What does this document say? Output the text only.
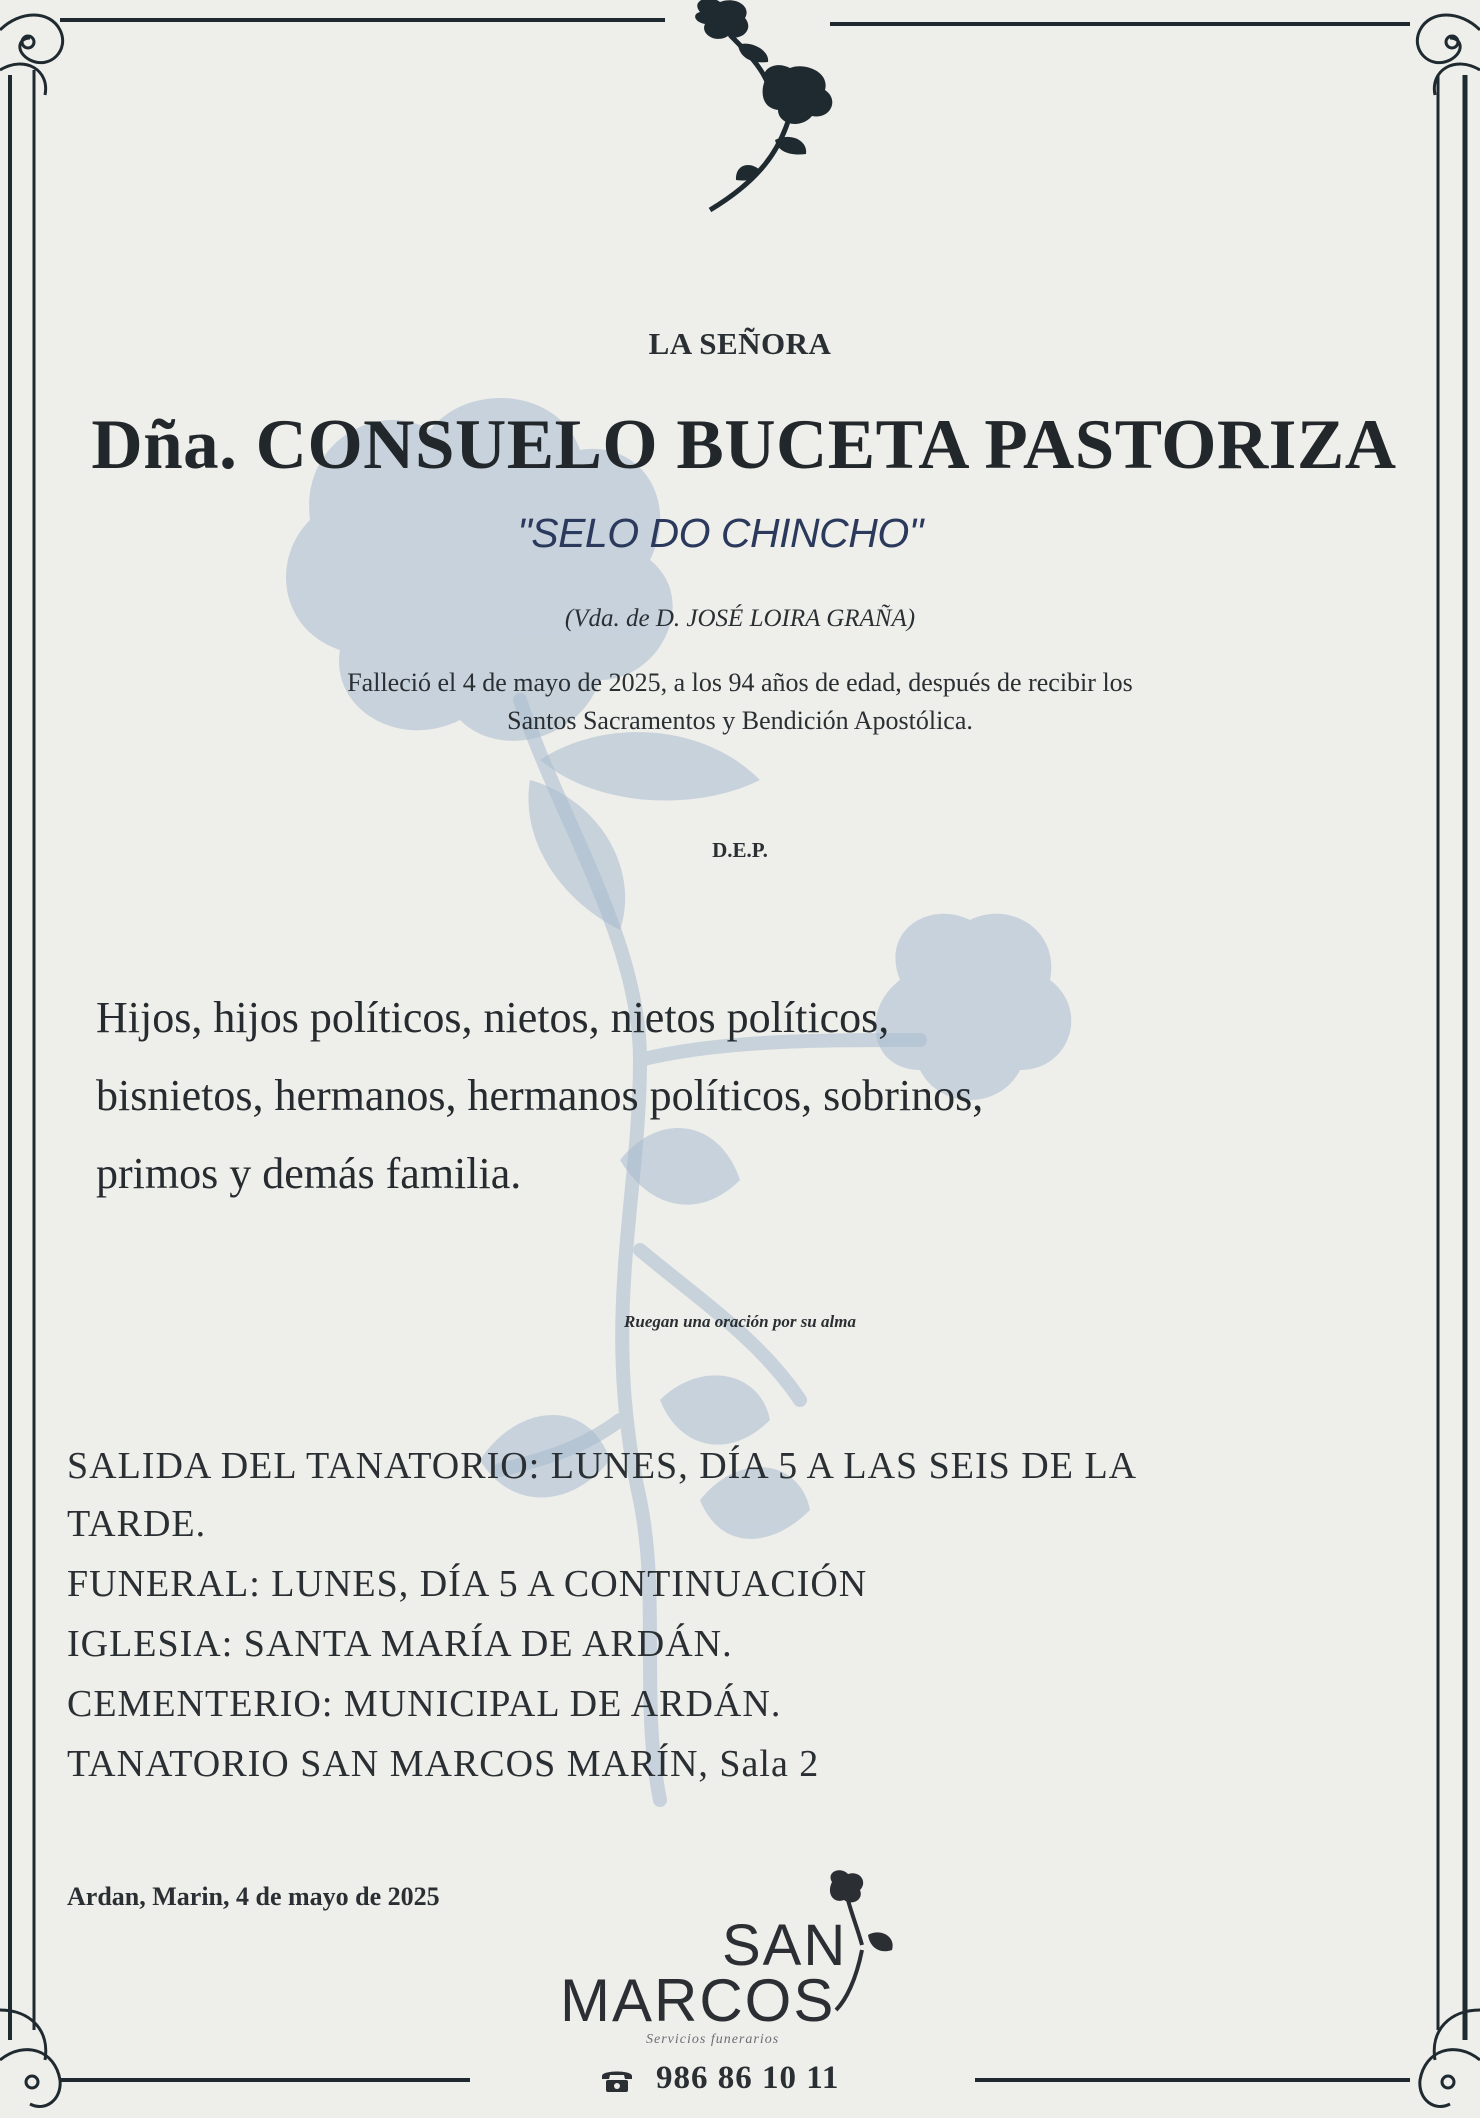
LA SEÑORA
Dña. CONSUELO BUCETA PASTORIZA
"SELO DO CHINCHO"
(Vda. de D. JOSÉ LOIRA GRAÑA)
Falleció el 4 de mayo de 2025, a los 94 años de edad, después de recibir los
Santos Sacramentos y Bendición Apostólica.
D.E.P.
Hijos, hijos políticos, nietos, nietos políticos,
bisnietos, hermanos, hermanos políticos, sobrinos,
primos y demás familia.
Ruegan una oración por su alma
SALIDA DEL TANATORIO: LUNES, DÍA 5 A LAS SEIS DE LA
TARDE.
FUNERAL: LUNES, DÍA 5 A CONTINUACIÓN
IGLESIA: SANTA MARÍA DE ARDÁN.
CEMENTERIO: MUNICIPAL DE ARDÁN.
TANATORIO SAN MARCOS MARÍN, Sala 2
Ardan, Marin, 4 de mayo de 2025
SAN
MARCOS
Servicios funerarios
986 86 10 11
